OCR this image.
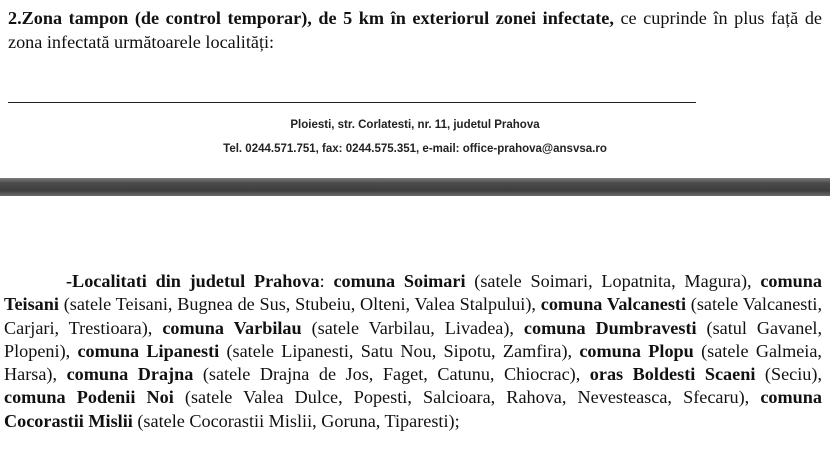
2.Zona tampon (de control temporar), de 5 km în exteriorul zonei infectate, ce cuprinde în plus față de zona infectată următoarele localități:

Ploiesti, str. Corlatesti, nr. 11, judetul Prahova
Tel. 0244.571.751, fax: 0244.575.351, e-mail: office-prahova@ansvsa.ro

-Localitati din judetul Prahova: comuna Soimari (satele Soimari, Lopatnita, Magura), comuna Teisani (satele Teisani, Bugnea de Sus, Stubeiu, Olteni, Valea Stalpului), comuna Valcanesti (satele Valcanesti, Carjari, Trestioara), comuna Varbilau (satele Varbilau, Livadea), comuna Dumbravesti (satul Gavanel, Plopeni), comuna Lipanesti (satele Lipanesti, Satu Nou, Sipotu, Zamfira), comuna Plopu (satele Galmeia, Harsa), comuna Drajna (satele Drajna de Jos, Faget, Catunu, Chiocrac), oras Boldesti Scaeni (Seciu), comuna Podenii Noi (satele Valea Dulce, Popesti, Salcioara, Rahova, Nevesteasca, Sfecaru), comuna Cocorastii Mislii (satele Cocorastii Mislii, Goruna, Tiparesti);
